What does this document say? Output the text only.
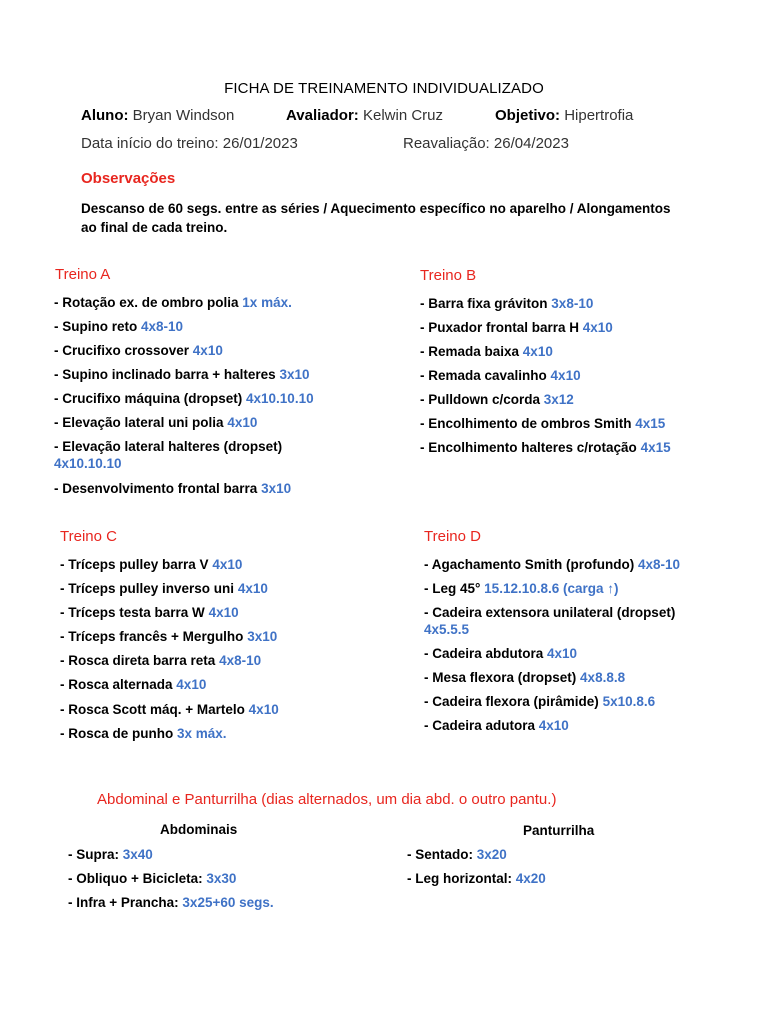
FICHA DE TREINAMENTO INDIVIDUALIZADO
Aluno: Bryan Windson	Avaliador: Kelwin Cruz	Objetivo: Hipertrofia
Data início do treino: 26/01/2023	Reavaliação: 26/04/2023
Observações
Descanso de 60 segs. entre as séries / Aquecimento específico no aparelho / Alongamentos ao final de cada treino.
Treino A
- Rotação ex. de ombro polia 1x máx.
- Supino reto 4x8-10
- Crucifixo crossover 4x10
- Supino inclinado barra + halteres 3x10
- Crucifixo máquina (dropset) 4x10.10.10
- Elevação lateral uni polia 4x10
- Elevação lateral halteres (dropset)
4x10.10.10
- Desenvolvimento frontal barra 3x10
Treino B
- Barra fixa gráviton 3x8-10
- Puxador frontal barra H 4x10
- Remada baixa 4x10
- Remada cavalinho 4x10
- Pulldown c/corda 3x12
- Encolhimento de ombros Smith 4x15
- Encolhimento halteres c/rotação 4x15
Treino C
- Tríceps pulley barra V 4x10
- Tríceps pulley inverso uni 4x10
- Tríceps testa barra W 4x10
- Tríceps francês + Mergulho 3x10
- Rosca direta barra reta 4x8-10
- Rosca alternada 4x10
- Rosca Scott máq. + Martelo 4x10
- Rosca de punho 3x máx.
Treino D
- Agachamento Smith (profundo) 4x8-10
- Leg 45° 15.12.10.8.6 (carga ↑)
- Cadeira extensora unilateral (dropset)
4x5.5.5
- Cadeira abdutora 4x10
- Mesa flexora (dropset) 4x8.8.8
- Cadeira flexora (pirâmide) 5x10.8.6
- Cadeira adutora 4x10
Abdominal e Panturrilha (dias alternados, um dia abd. o outro pantu.)
Abdominais	Panturrilha
- Supra: 3x40
- Obliquo + Bicicleta: 3x30
- Infra + Prancha: 3x25+60 segs.
- Sentado: 3x20
- Leg horizontal: 4x20
